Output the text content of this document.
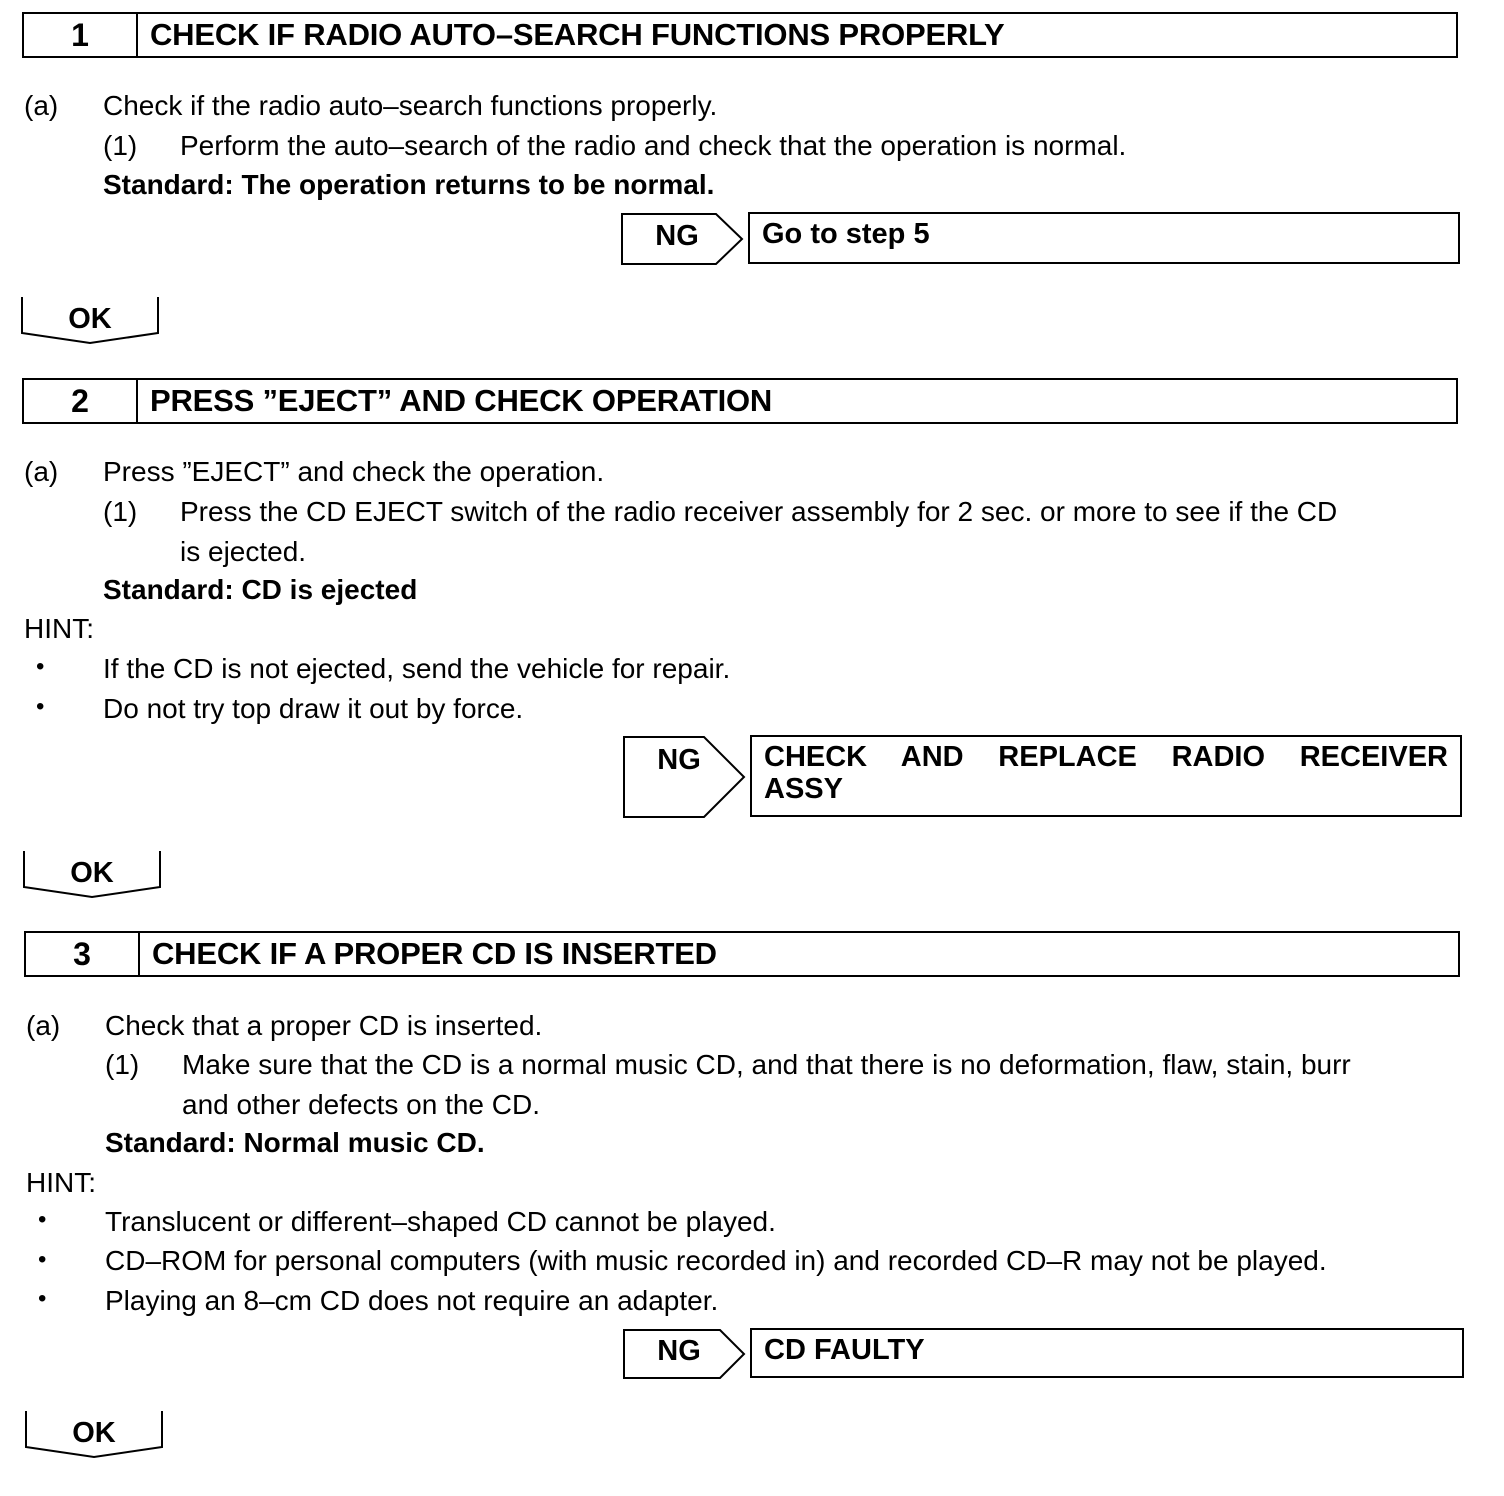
1	CHECK IF RADIO AUTO–SEARCH FUNCTIONS PROPERLY
(a) Check if the radio auto–search functions properly.
(1) Perform the auto–search of the radio and check that the operation is normal.
Standard: The operation returns to be normal.
NG	Go to step 5
OK
2	PRESS ”EJECT” AND CHECK OPERATION
(a) Press ”EJECT” and check the operation.
(1) Press the CD EJECT switch of the radio receiver assembly for 2 sec. or more to see if the CD
is ejected.
Standard: CD is ejected
HINT:
• If the CD is not ejected, send the vehicle for repair.
• Do not try top draw it out by force.
NG	CHECK AND REPLACE RADIO RECEIVER ASSY
OK
3	CHECK IF A PROPER CD IS INSERTED
(a) Check that a proper CD is inserted.
(1) Make sure that the CD is a normal music CD, and that there is no deformation, flaw, stain, burr
and other defects on the CD.
Standard: Normal music CD.
HINT:
• Translucent or different–shaped CD cannot be played.
• CD–ROM for personal computers (with music recorded in) and recorded CD–R may not be played.
• Playing an 8–cm CD does not require an adapter.
NG	CD FAULTY
OK
